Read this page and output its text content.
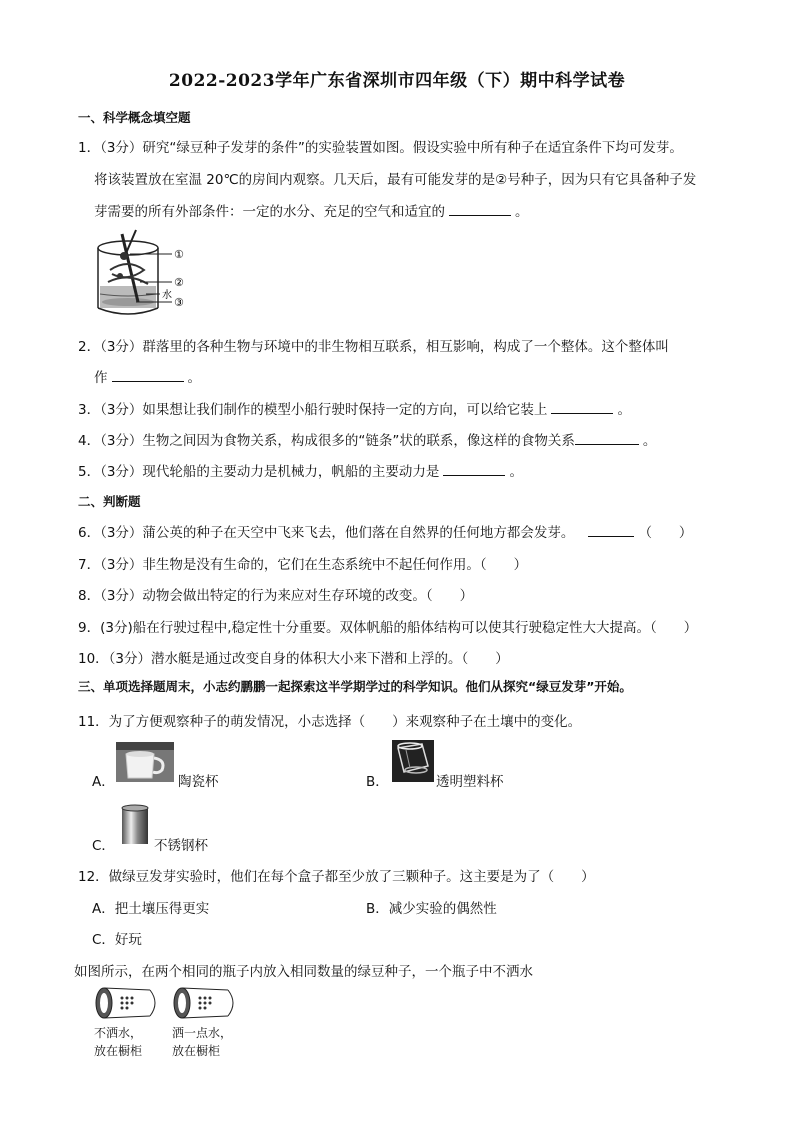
2022-2023学年广东省深圳市四年级（下）期中科学试卷
一、科学概念填空题
1．（3分）研究“绿豆种子发芽的条件”的实验装置如图。假设实验中所有种子在适宜条件下均可发芽。
将该装置放在室温 20℃的房间内观察。几天后，最有可能发芽的是②号种子，因为只有它具备种子发
芽需要的所有外部条件：一定的水分、充足的空气和适宜的	。
①
②
水
③
2．（3分）群落里的各种生物与环境中的非生物相互联系，相互影响，构成了一个整体。这个整体叫
作	。
3．（3分）如果想让我们制作的模型小船行驶时保持一定的方向，可以给它装上	。
4．（3分）生物之间因为食物关系，构成很多的“链条”状的联系，像这样的食物关系	。
5．（3分）现代轮船的主要动力是机械力，帆船的主要动力是	。
二、判断题
6．（3分）蒲公英的种子在天空中飞来飞去，他们落在自然界的任何地方都会发芽。	（　　）
7．（3分）非生物是没有生命的，它们在生态系统中不起任何作用。（　　）
8．（3分）动物会做出特定的行为来应对生存环境的改变。（　　）
9．(3分)船在行驶过程中,稳定性十分重要。双体帆船的船体结构可以使其行驶稳定性大大提高。（　　）
10．（3分）潜水艇是通过改变自身的体积大小来下潜和上浮的。（　　）
三、单项选择题周末，小志约鹏鹏一起探索这半学期学过的科学知识。他们从探究“绿豆发芽”开始。
11．为了方便观察种子的萌发情况，小志选择（　　）来观察种子在土壤中的变化。
A．	陶瓷杯	B．	透明塑料杯
C．	不锈钢杯
12．做绿豆发芽实验时，他们在每个盒子都至少放了三颗种子。这主要是为了（　　）
A．把土壤压得更实	B．减少实验的偶然性
C．好玩
如图所示，在两个相同的瓶子内放入相同数量的绿豆种子，一个瓶子中不洒水
不洒水，
放在橱柜
洒一点水，
放在橱柜
